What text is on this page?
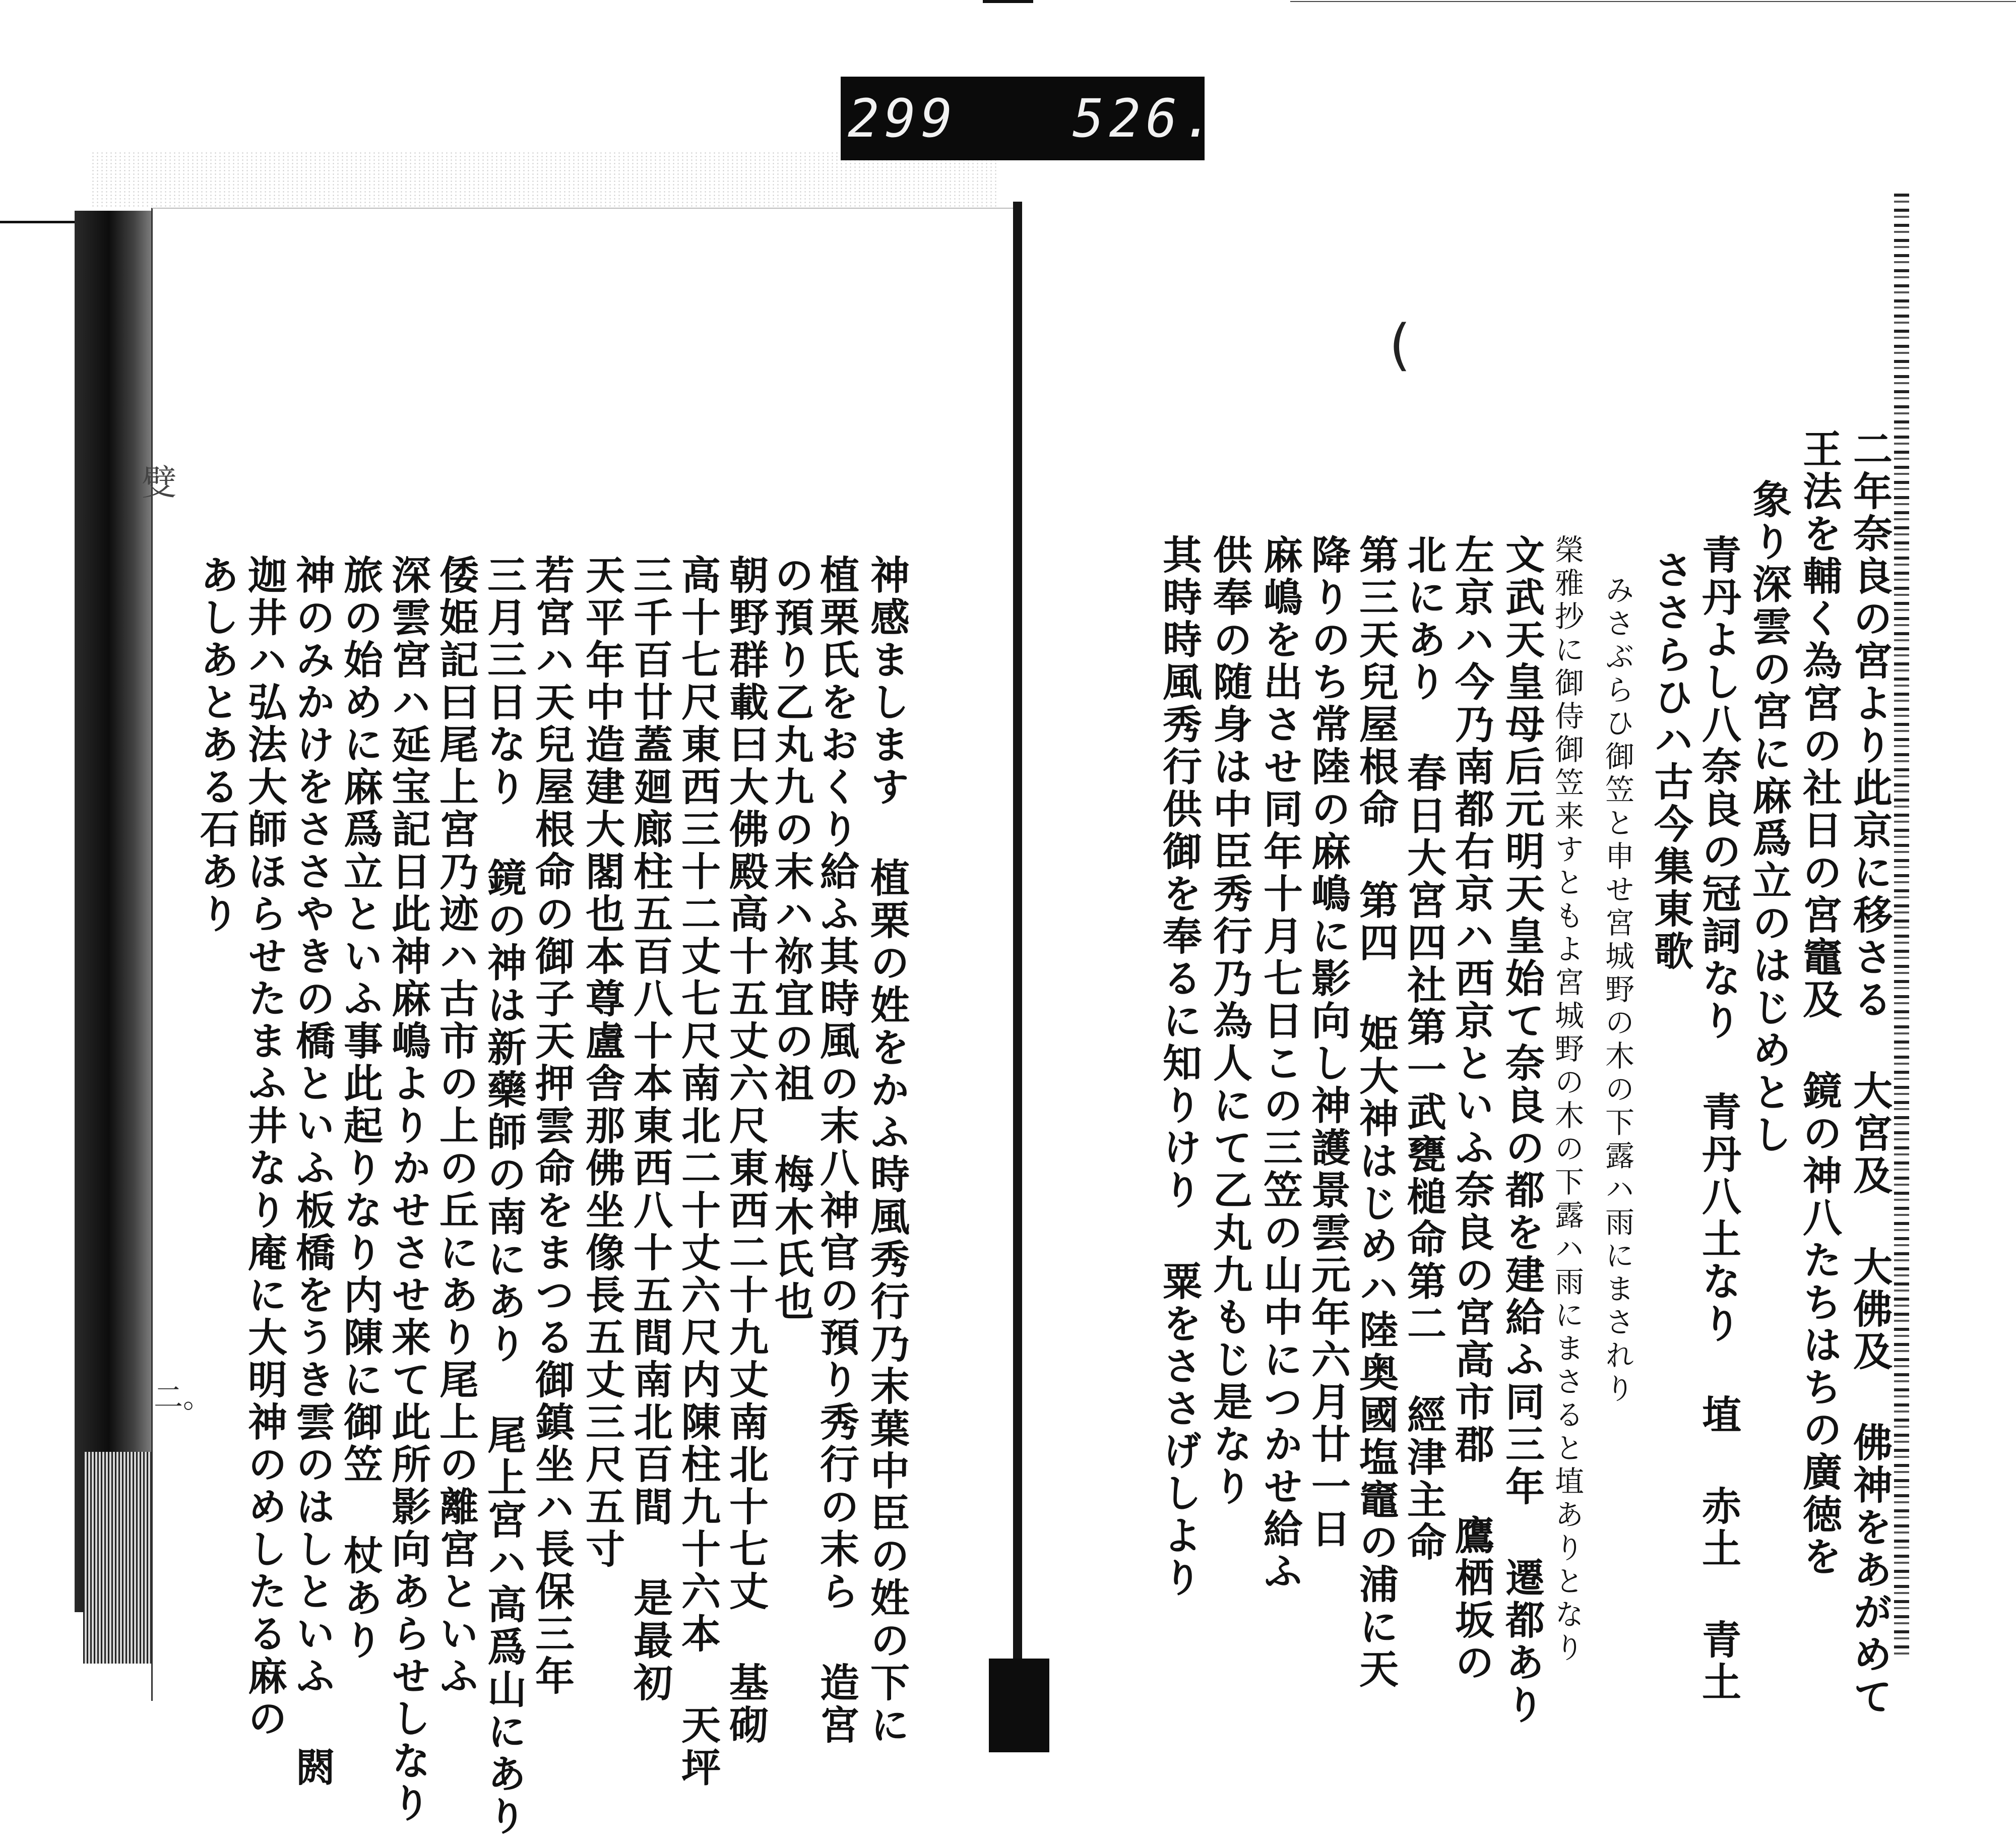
299 526.
(
䢃
二。	二年奈良の宮より此京に移さる 大宮及 大佛及 佛神をあがめて
王法を輔く為宮の社日の宮竈及 鏡の神八たちはちの廣徳を
象り深雲の宮に麻爲立のはじめとし
青丹よし八奈良の冠詞なり 青丹八土なり 埴 赤土 青土
ささらひハ古今集東歌
みさぶらひ御笠と申せ宮城野の木の下露ハ雨にまされり
榮雅抄に御侍御笠来すともよ宮城野の木の下露ハ雨にまさると埴ありとなり
文武天皇母后元明天皇始て奈良の都を建給ふ同三年 遷都あり
左京ハ今乃南都右京ハ西京といふ奈良の宮高市郡 鷹栖坂の
北にあり 春日大宮四社第一武甕槌命第二 經津主命
第三天兒屋根命 第四 姫大神はじめハ陸奥國塩竈の浦に天
降りのち常陸の麻嶋に影向し神護景雲元年六月廿一日
麻嶋を出させ同年十月七日この三笠の山中につかせ給ふ
供奉の随身は中臣秀行乃為人にて乙丸九もじ是なり
其時時風秀行供御を奉るに知りけり 粟をささげしより
神感まします 植栗の姓をかふ時風秀行乃末葉中臣の姓の下に
植栗氏をおくり給ふ其時風の末八神官の預り秀行の末ら 造宮
の預り乙丸九の末ハ祢宜の祖 梅木氏也
朝野群載曰大佛殿高十五丈六尺東西二十九丈南北十七丈 基砌
高十七尺東西三十二丈七尺南北二十丈六尺内陳柱九十六本 天坪
三千百廿蓋廻廊柱五百八十本東西八十五間南北百間 是最初
天平年中造建大閣也本尊盧舎那佛坐像長五丈三尺五寸
若宮ハ天兒屋根命の御子天押雲命をまつる御鎮坐ハ長保三年
三月三日なり 鏡の神は新藥師の南にあり 尾上宮ハ高爲山にあり
倭姫記曰尾上宮乃迹ハ古市の上の丘にあり尾上の離宮といふ
深雲宮ハ延宝記日此神麻嶋よりかせさせ来て此所影向あらせしなり
旅の始めに麻爲立といふ事此起りなり内陳に御笠 杖あり
神のみかけをささやきの橋といふ板橋をうき雲のはしといふ 閼
迦井ハ弘法大師ほらせたまふ井なり庵に大明神のめしたる麻の
あしあとある石あり
